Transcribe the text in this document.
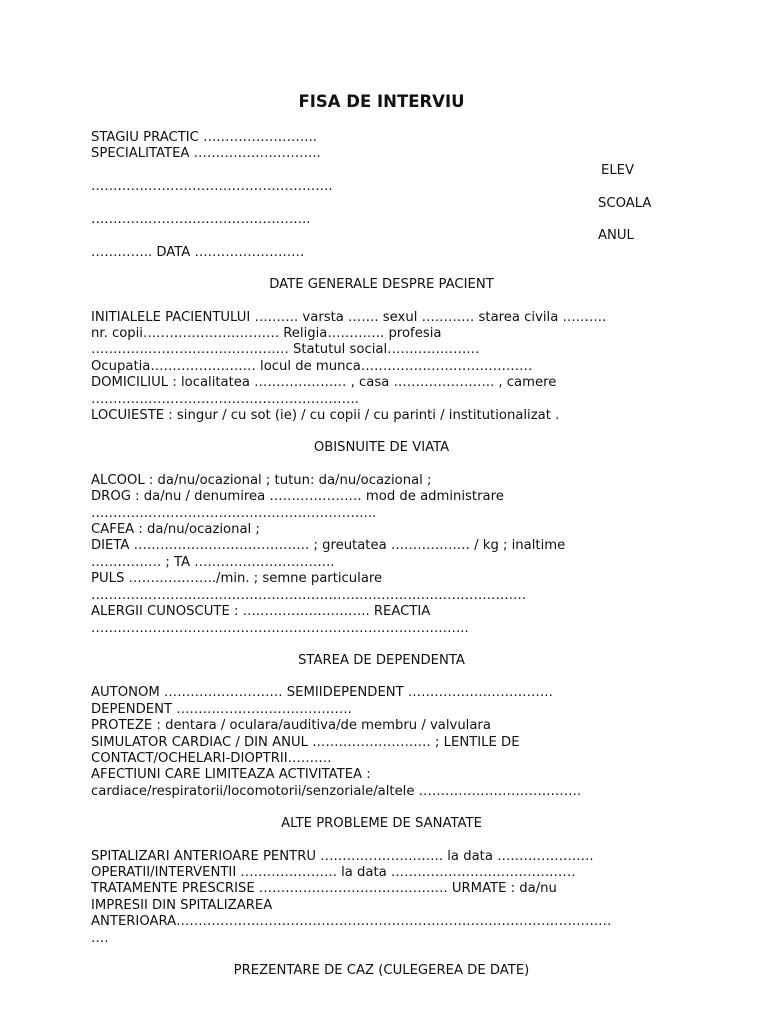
FISA DE INTERVIU
STAGIU PRACTIC ……………………..
SPECIALITATEA ………………………..
ELEV
……………………………………………….
SCOALA
…………………………………………..
ANUL
………….. DATA …………………….
DATE GENERALE DESPRE PACIENT
INITIALELE PACIENTULUI ………. varsta ……. sexul ………… starea civila ……….
nr. copii…………………………. Religia…………. profesia
……………………………………… Statutul social…………………
Ocupatia…………………… locul de munca…………………………………
DOMICILIUL : localitatea ………………… , casa ………………….. , camere
…………………………………………………….
LOCUIESTE : singur / cu sot (ie) / cu copii / cu parinti / institutionalizat .
OBISNUITE DE VIATA
ALCOOL : da/nu/ocazional ; tutun: da/nu/ocazional ;
DROG : da/nu / denumirea ………………… mod de administrare
………………………………………………………..
CAFEA : da/nu/ocazional ;
DIETA …………………………………. ; greutatea ……………… / kg ; inaltime
……………. ; TA …………………………..
PULS ………………../min. ; semne particulare
………………………………………………………………………………………
ALERGII CUNOSCUTE : ……………………….. REACTIA
…………………………………………………………………………..
STAREA DE DEPENDENTA
AUTONOM ……………………… SEMIIDEPENDENT ……………………………
DEPENDENT ………………………………….
PROTEZE : dentara / oculara/auditiva/de membru / valvulara
SIMULATOR CARDIAC / DIN ANUL ……………………… ; LENTILE DE
CONTACT/OCHELARI-DIOPTRII……….
AFECTIUNI CARE LIMITEAZA ACTIVITATEA :
cardiace/respiratorii/locomotorii/senzoriale/altele ……………………………….
ALTE PROBLEME DE SANATATE
SPITALIZARI ANTERIOARE PENTRU ………………………. la data ………………….
OPERATII/INTERVENTII …………………. la data ……………………………………
TRATAMENTE PRESCRISE ……………………………………. URMATE : da/nu
IMPRESII DIN SPITALIZAREA
ANTERIOARA………………………………………………………………………………………
….
PREZENTARE DE CAZ (CULEGEREA DE DATE)
